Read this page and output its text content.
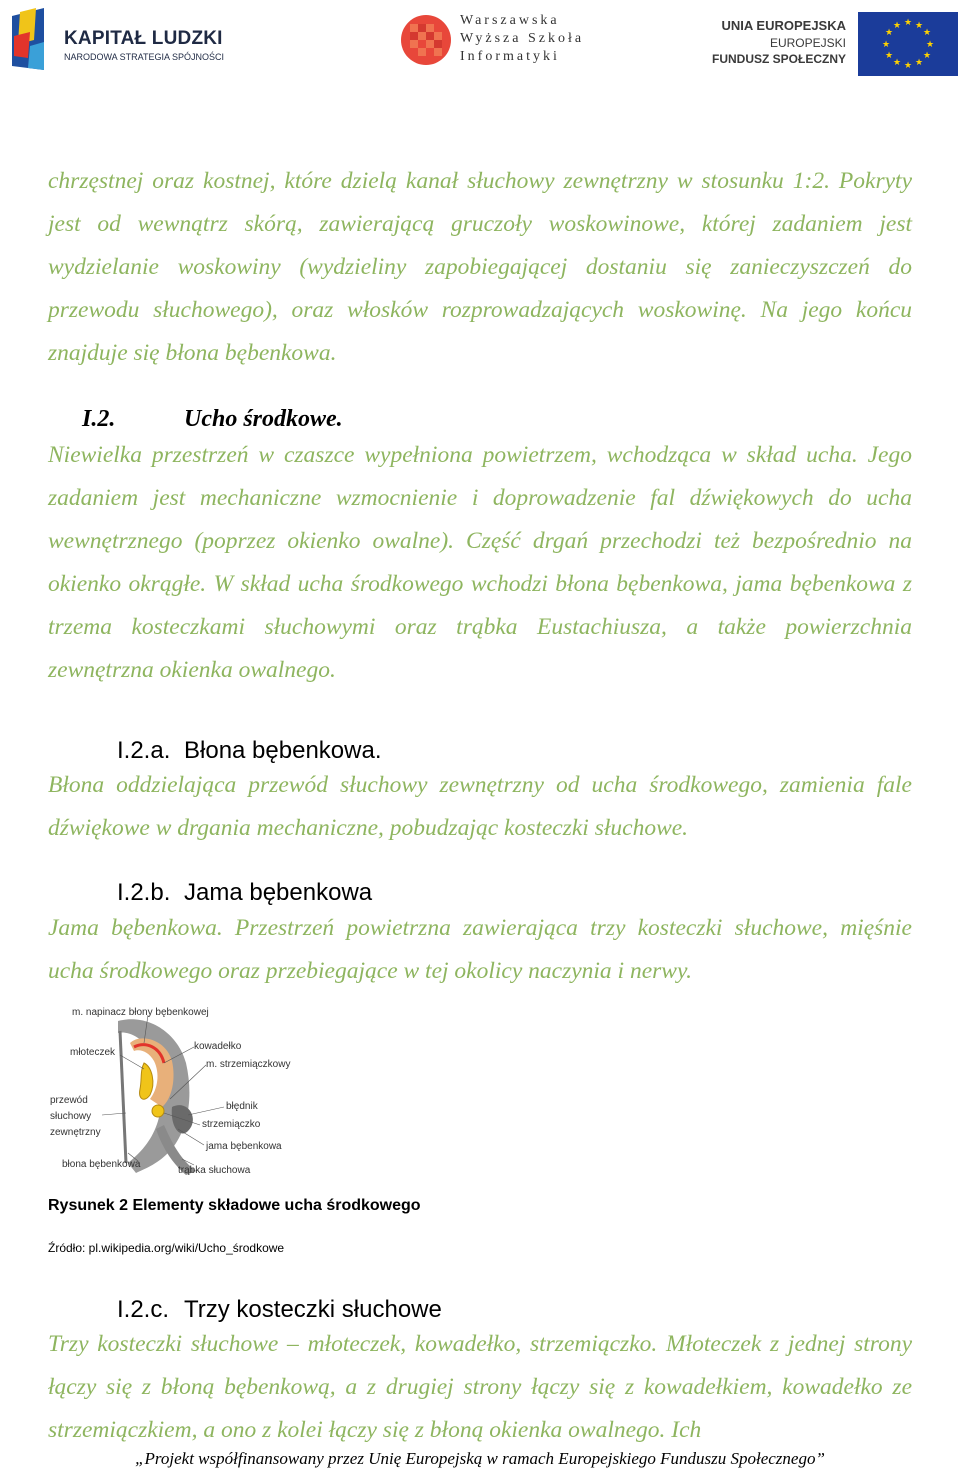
KAPITAŁ LUDZKI
NARODOWA STRATEGIA SPÓJNOŚCI
Warszawska
Wyższa Szkoła
Informatyki
UNIA EUROPEJSKA
EUROPEJSKI
FUNDUSZ SPOŁECZNY
★ ★
★
★
★
★
★
★
★
★
★
★
chrzęstnej oraz kostnej, które dzielą kanał słuchowy zewnętrzny w stosunku 1:2. Pokryty jest od wewnątrz skórą, zawierającą gruczoły woskowinowe, której zadaniem jest wydzielanie woskowiny (wydzieliny zapobiegającej dostaniu się zanieczyszczeń do przewodu słuchowego), oraz włosków rozprowadzających woskowinę. Na jego końcu znajduje się błona bębenkowa.
I.2.	Ucho środkowe.
Niewielka przestrzeń w czaszce wypełniona powietrzem, wchodząca w skład ucha. Jego zadaniem jest mechaniczne wzmocnienie i doprowadzenie fal dźwiękowych do ucha wewnętrznego (poprzez okienko owalne). Część drgań przechodzi też bezpośrednio na okienko okrągłe. W skład ucha środkowego wchodzi błona bębenkowa, jama bębenkowa z trzema kosteczkami słuchowymi oraz trąbka Eustachiusza, a także powierzchnia zewnętrzna okienka owalnego.
I.2.a. Błona bębenkowa.
Błona oddzielająca przewód słuchowy zewnętrzny od ucha środkowego, zamienia fale dźwiękowe w drgania mechaniczne, pobudzając kosteczki słuchowe.
I.2.b. Jama bębenkowa
Jama bębenkowa. Przestrzeń powietrzna zawierająca trzy kosteczki słuchowe, mięśnie ucha środkowego oraz przebiegające w tej okolicy naczynia i nerwy.
m. napinacz błony bębenkowej
młoteczek
kowadełko
m. strzemiączkowy
przewód
słuchowy
zewnętrzny
błędnik
strzemiączko
jama bębenkowa
błona bębenkowa
trąbka słuchowa
Rysunek 2 Elementy składowe ucha środkowego
Źródło: pl.wikipedia.org/wiki/Ucho_środkowe
I.2.c. Trzy kosteczki słuchowe
Trzy kosteczki słuchowe – młoteczek, kowadełko, strzemiączko. Młoteczek z jednej strony łączy się z błoną bębenkową, a z drugiej strony łączy się z kowadełkiem, kowadełko ze strzemiączkiem, a ono z kolei łączy się z błoną okienka owalnego. Ich
„Projekt współfinansowany przez Unię Europejską w ramach Europejskiego Funduszu Społecznego”
